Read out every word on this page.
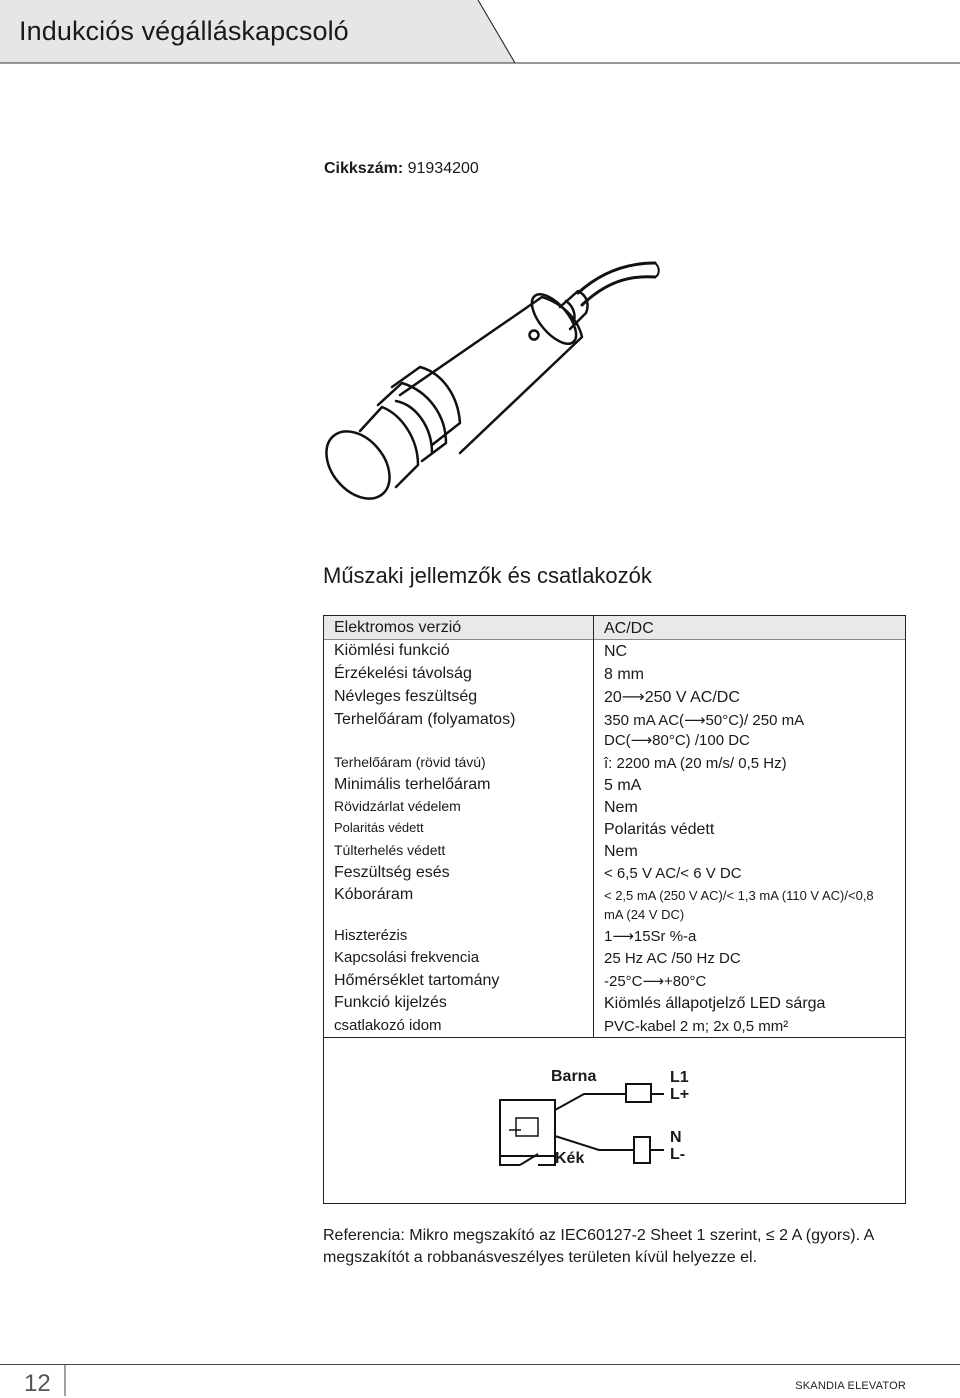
Indukciós végálláskapcsoló
Cikkszám: 91934200
Műszaki jellemzők és csatlakozók
Elektromos verzió	AC/DC
Kiömlési funkció	NC
Érzékelési távolság	8 mm
Névleges feszültség	20⟶250 V AC/DC
Terhelőáram (folyamatos)	350 mA AC(⟶50°C)/ 250 mA DC(⟶80°C) /100 DC
Terhelőáram (rövid távú)	î: 2200 mA (20 m/s/ 0,5 Hz)
Minimális terhelőáram	5 mA
Rövidzárlat védelem	Nem
Polaritás védett	Polaritás védett
Túlterhelés védett	Nem
Feszültség esés	< 6,5 V AC/< 6 V DC
Kóboráram	< 2,5 mA (250 V AC)/< 1,3 mA (110 V AC)/<0,8 mA (24 V DC)
Hiszterézis	1⟶15Sr %-a
Kapcsolási frekvencia	25 Hz AC /50 Hz DC
Hőmérséklet tartomány	-25°C⟶+80°C
Funkció kijelzés	Kiömlés állapotjelző LED sárga
csatlakozó idom	PVC-kabel 2 m; 2x 0,5 mm²
Barna
Kék
L1
L+
N
L-
Referencia: Mikro megszakító az IEC60127-2 Sheet 1 szerint, ≤ 2 A (gyors). A megszakítót a robbanásveszélyes területen kívül helyezze el.
12	SKANDIA ELEVATOR
